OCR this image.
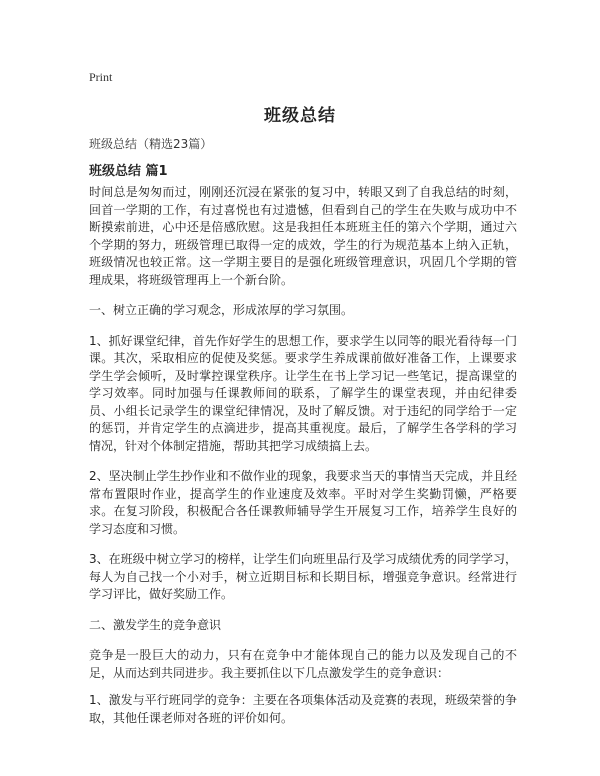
Print
班级总结
班级总结（精选23篇）
班级总结 篇1

时间总是匆匆而过，刚刚还沉浸在紧张的复习中，转眼又到了自我总结的时刻，回首一学期的工作，有过喜悦也有过遗憾，但看到自己的学生在失败与成功中不断摸索前进，心中还是倍感欣慰。这是我担任本班班主任的第六个学期，通过六个学期的努力，班级管理已取得一定的成效，学生的行为规范基本上纳入正轨，班级情况也较正常。这一学期主要目的是强化班级管理意识，巩固几个学期的管理成果，将班级管理再上一个新台阶。

一、树立正确的学习观念，形成浓厚的学习氛围。

1、抓好课堂纪律，首先作好学生的思想工作，要求学生以同等的眼光看待每一门课。其次，采取相应的促使及奖惩。要求学生养成课前做好准备工作，上课要求学生学会倾听，及时掌控课堂秩序。让学生在书上学习记一些笔记，提高课堂的学习效率。同时加强与任课教师间的联系，了解学生的课堂表现，并由纪律委员、小组长记录学生的课堂纪律情况，及时了解反馈。对于违纪的同学给于一定的惩罚，并肯定学生的点滴进步，提高其重视度。最后，了解学生各学科的学习情况，针对个体制定措施，帮助其把学习成绩搞上去。

2、坚决制止学生抄作业和不做作业的现象，我要求当天的事情当天完成，并且经常布置限时作业，提高学生的作业速度及效率。平时对学生奖勤罚懒，严格要求。在复习阶段，积极配合各任课教师辅导学生开展复习工作，培养学生良好的学习态度和习惯。

3、在班级中树立学习的榜样，让学生们向班里品行及学习成绩优秀的同学学习，每人为自己找一个小对手，树立近期目标和长期目标，增强竞争意识。经常进行学习评比，做好奖励工作。

二、激发学生的竞争意识

竞争是一股巨大的动力，只有在竞争中才能体现自己的能力以及发现自己的不足，从而达到共同进步。我主要抓住以下几点激发学生的竞争意识：

1、激发与平行班同学的竞争：主要在各项集体活动及竞赛的表现，班级荣誉的争取，其他任课老师对各班的评价如何。
